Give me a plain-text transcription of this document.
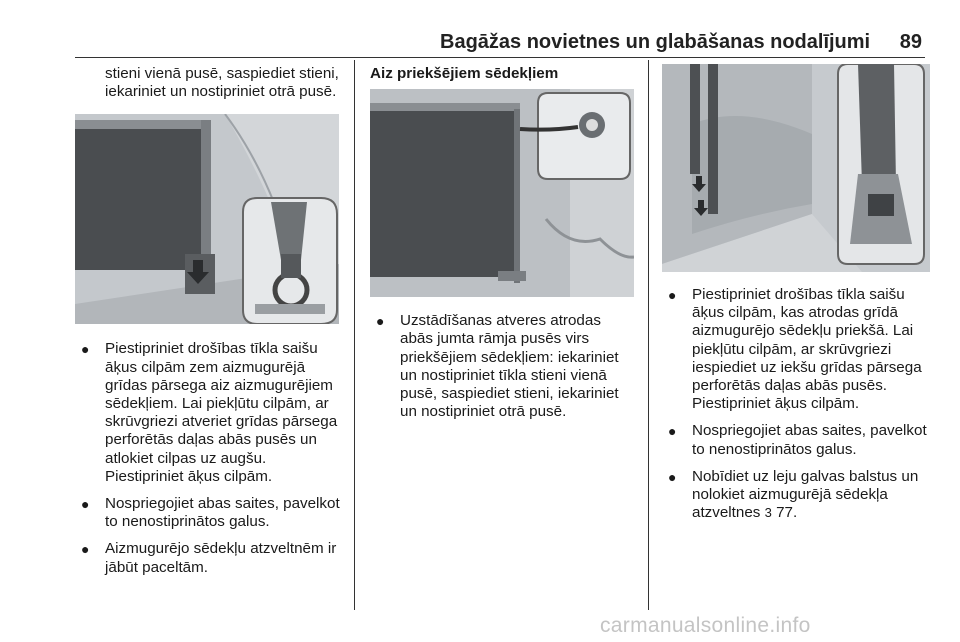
Bagāžas novietnes un glabāšanas nodalījumi 89
stieni vienā pusē, saspiediet stieni, iekariniet un nostipriniet otrā pusē.
● Piestipriniet drošības tīkla saišu āķus cilpām zem aizmugurējā grīdas pārsega aiz aizmugurējiem sēdekļiem. Lai piekļūtu cilpām, ar skrūvgriezi atveriet grīdas pārsega perforētās daļas abās pusēs un atlokiet cilpas uz augšu. Piestipriniet āķus cilpām.
● Nospriegojiet abas saites, pavelkot to nenostiprinātos galus.
● Aizmugurējo sēdekļu atzveltnēm ir jābūt paceltām.
Aiz priekšējiem sēdekļiem
● Uzstādīšanas atveres atrodas abās jumta rāmja pusēs virs priekšējiem sēdekļiem: iekariniet un nostipriniet tīkla stieni vienā pusē, saspiediet stieni, iekariniet un nostipriniet otrā pusē.
● Piestipriniet drošības tīkla saišu āķus cilpām, kas atrodas grīdā aizmugurējo sēdekļu priekšā. Lai piekļūtu cilpām, ar skrūvgriezi iespiediet uz iekšu grīdas pārsega perforētās daļas abās pusēs. Piestipriniet āķus cilpām.
● Nospriegojiet abas saites, pavelkot to nenostiprinātos galus.
● Nobīdiet uz leju galvas balstus un nolokiet aizmugurējā sēdekļa atzveltnes 3 77.
carmanualsonline.info
